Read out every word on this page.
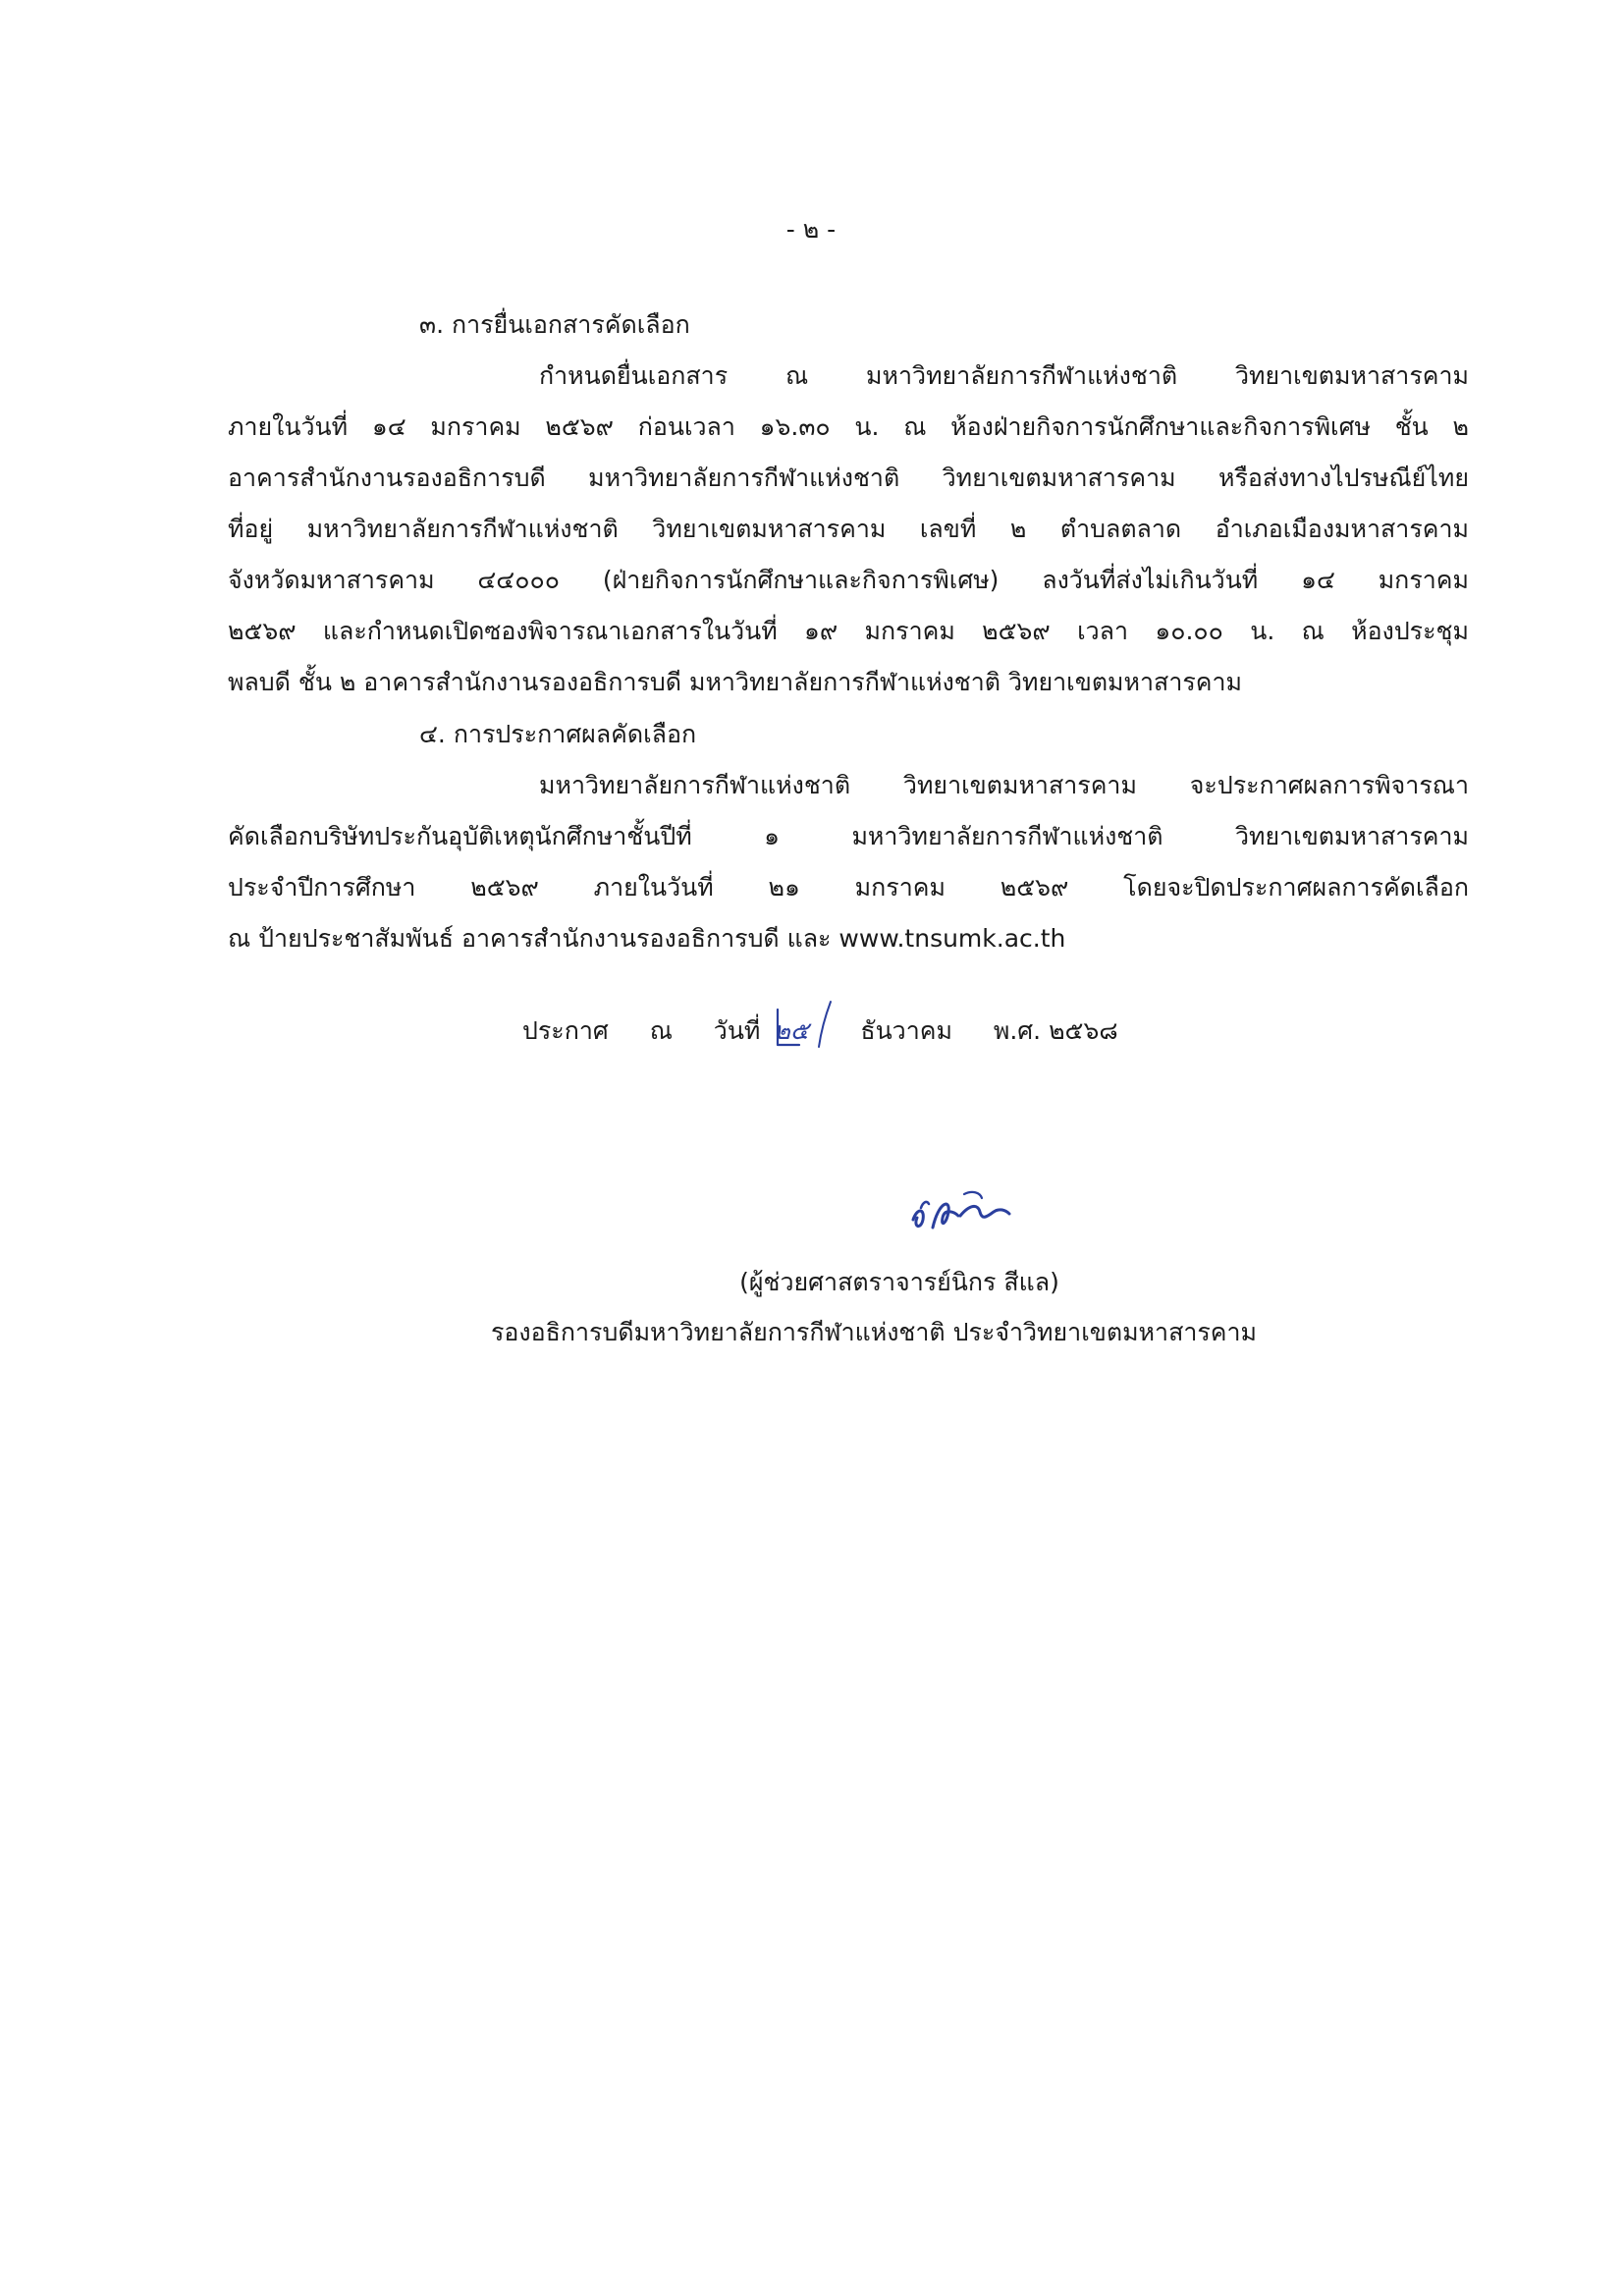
- ๒ -
๓. การยื่นเอกสารคัดเลือก
กำหนดยื่นเอกสาร ณ มหาวิทยาลัยการกีฬาแห่งชาติ วิทยาเขตมหาสารคาม
ภายในวันที่ ๑๔ มกราคม ๒๕๖๙ ก่อนเวลา ๑๖.๓๐ น. ณ ห้องฝ่ายกิจการนักศึกษาและกิจการพิเศษ ชั้น ๒
อาคารสำนักงานรองอธิการบดี มหาวิทยาลัยการกีฬาแห่งชาติ วิทยาเขตมหาสารคาม หรือส่งทางไปรษณีย์ไทย
ที่อยู่ มหาวิทยาลัยการกีฬาแห่งชาติ วิทยาเขตมหาสารคาม เลขที่ ๒ ตำบลตลาด อำเภอเมืองมหาสารคาม
จังหวัดมหาสารคาม ๔๔๐๐๐ (ฝ่ายกิจการนักศึกษาและกิจการพิเศษ) ลงวันที่ส่งไม่เกินวันที่ ๑๔ มกราคม
๒๕๖๙ และกำหนดเปิดซองพิจารณาเอกสารในวันที่ ๑๙ มกราคม ๒๕๖๙ เวลา ๑๐.๐๐ น. ณ ห้องประชุม
พลบดี ชั้น ๒ อาคารสำนักงานรองอธิการบดี มหาวิทยาลัยการกีฬาแห่งชาติ วิทยาเขตมหาสารคาม
๔. การประกาศผลคัดเลือก
มหาวิทยาลัยการกีฬาแห่งชาติ วิทยาเขตมหาสารคาม จะประกาศผลการพิจารณา
คัดเลือกบริษัทประกันอุบัติเหตุนักศึกษาชั้นปีที่ ๑ มหาวิทยาลัยการกีฬาแห่งชาติ วิทยาเขตมหาสารคาม
ประจำปีการศึกษา ๒๕๖๙ ภายในวันที่ ๒๑ มกราคม ๒๕๖๙ โดยจะปิดประกาศผลการคัดเลือก
ณ ป้ายประชาสัมพันธ์ อาคารสำนักงานรองอธิการบดี และ www.tnsumk.ac.th
ประกาศ ณ วันที่ ๒๕ ธันวาคม พ.ศ. ๒๕๖๘
(ผู้ช่วยศาสตราจารย์นิกร สีแล)
รองอธิการบดีมหาวิทยาลัยการกีฬาแห่งชาติ ประจำวิทยาเขตมหาสารคาม
